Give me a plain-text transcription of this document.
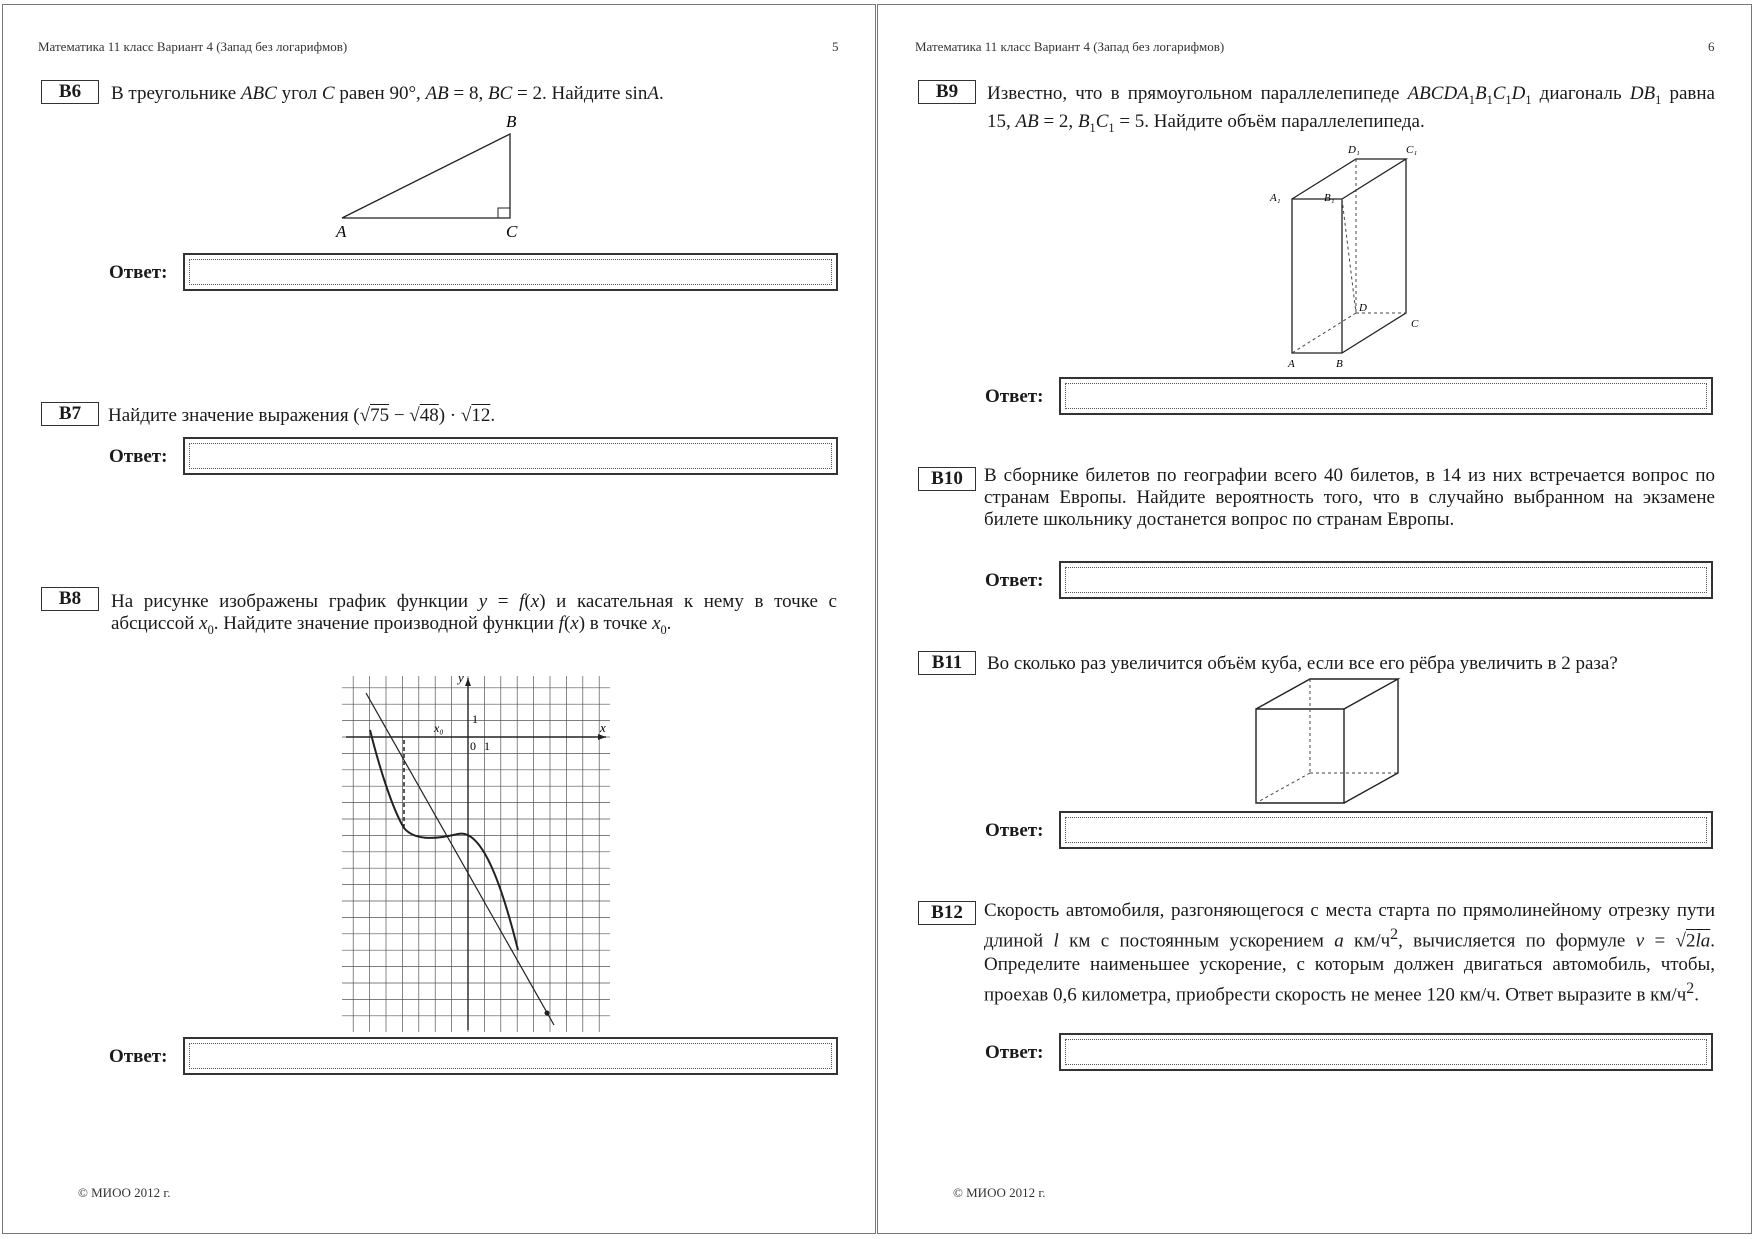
Математика 11 класс Вариант 4 (Запад без логарифмов)	5
B6	В треугольнике ABC угол C равен 90°, AB = 8, BC = 2. Найдите sinA.
A
B
C
Ответ:
B7	Найдите значение выражения (√75 − √48) · √12.
Ответ:
B8	На рисунке изображены график функции y = f(x) и касательная к нему в точке с абсциссой $x_0$. Найдите значение производной функции f(x) в точке $x_0$.
y
x
x₀
1
0 1
Ответ:
© МИОО 2012 г.
Математика 11 класс Вариант 4 (Запад без логарифмов)	6
B9	Известно, что в прямоугольном параллелепипеде $ABCDA_1B_1C_1D_1$ диагональ $DB_1$ равна 15, AB = 2, $B_1C_1 = 5$. Найдите объём параллелепипеда.
A₁	B₁
D₁	C₁
D
C
A	B
Ответ:
B10	В сборнике билетов по географии всего 40 билетов, в 14 из них встречается вопрос по странам Европы. Найдите вероятность того, что в случайно выбранном на экзамене билете школьнику достанется вопрос по странам Европы.
Ответ:
B11	Во сколько раз увеличится объём куба, если все его рёбра увеличить в 2 раза?
Ответ:
B12	Скорость автомобиля, разгоняющегося с места старта по прямолинейному отрезку пути длиной l км с постоянным ускорением a $км/ч^2$, вычисляется по формуле v = √2la. Определите наименьшее ускорение, с которым должен двигаться автомобиль, чтобы, проехав 0,6 километра, приобрести скорость не менее 120 км/ч. Ответ выразите в $км/ч^2$.
Ответ:
© МИОО 2012 г.
